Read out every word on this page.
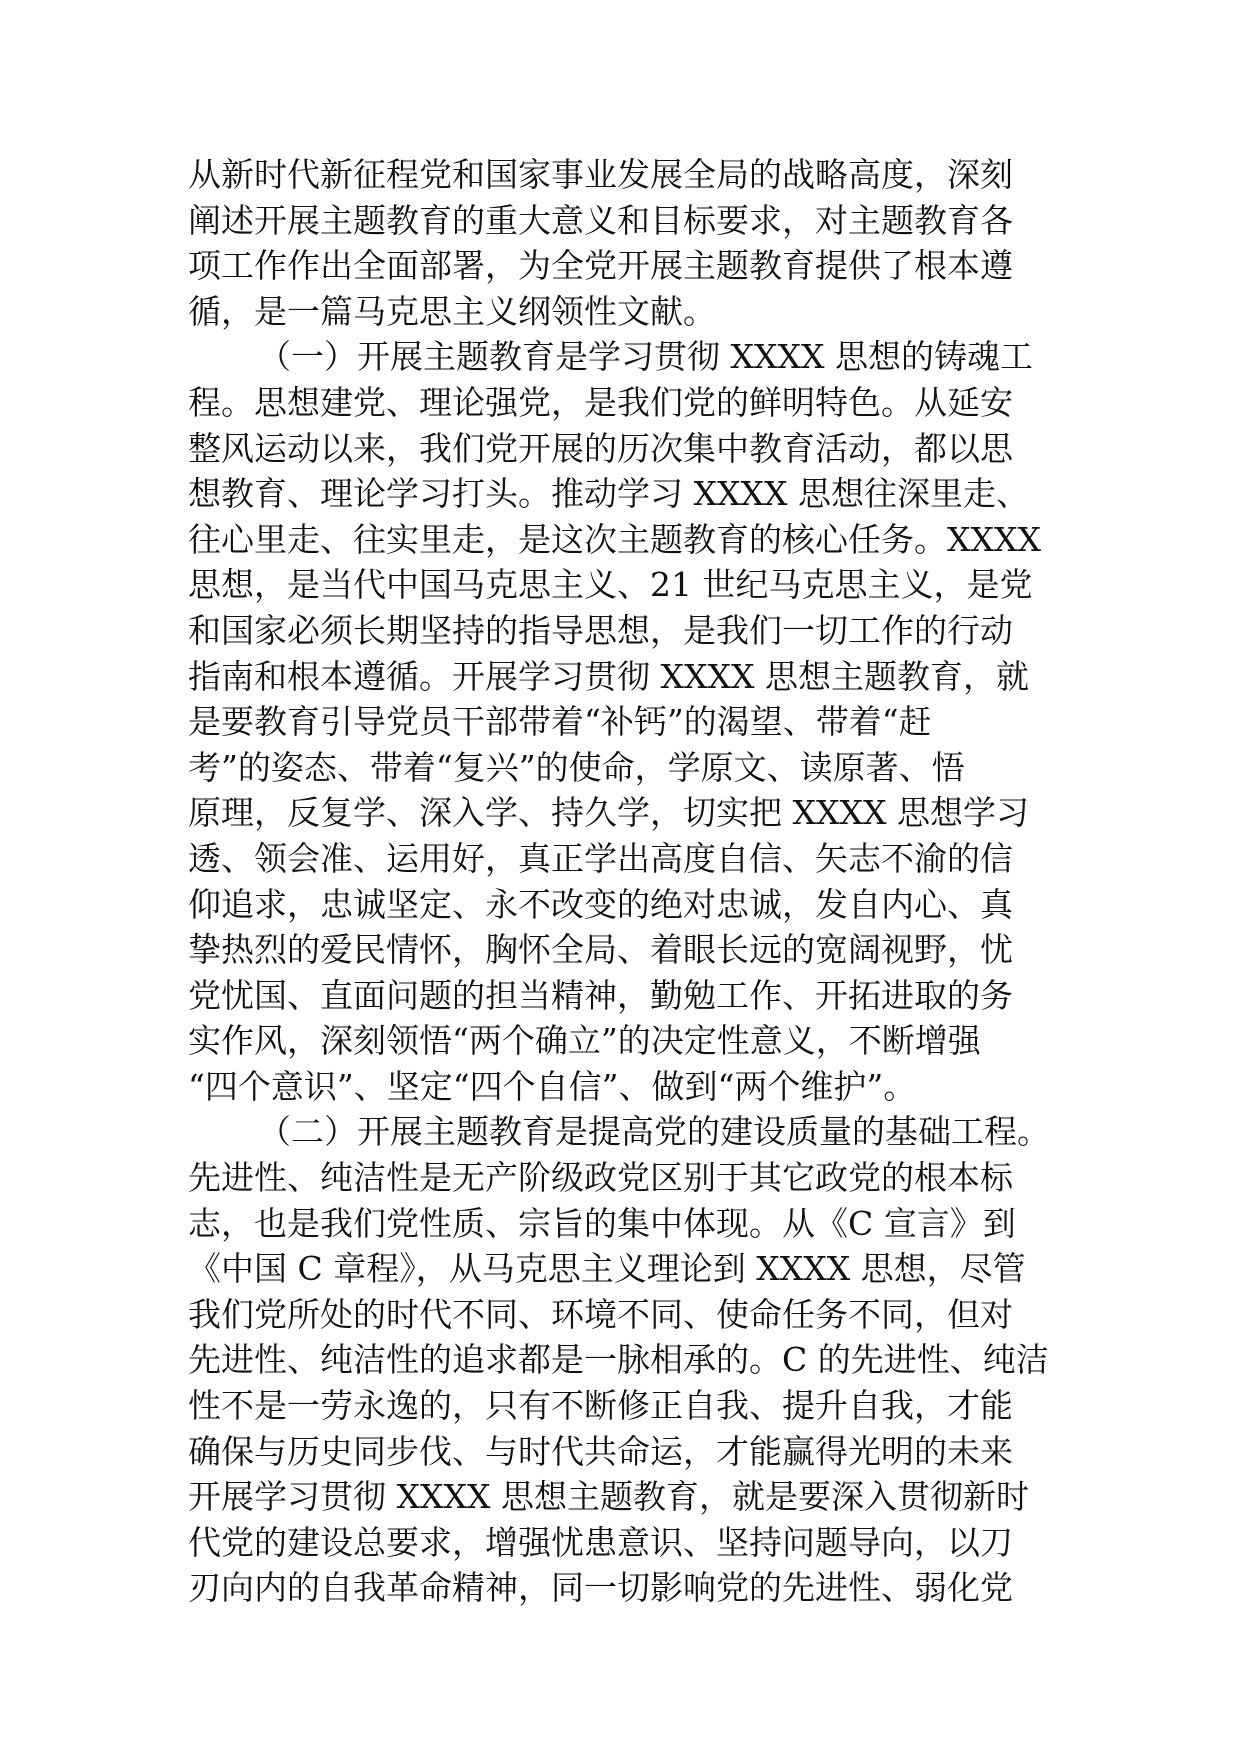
从新时代新征程党和国家事业发展全局的战略高度，深刻
阐述开展主题教育的重大意义和目标要求，对主题教育各
项工作作出全面部署，为全党开展主题教育提供了根本遵
循，是一篇马克思主义纲领性文献。
（一）开展主题教育是学习贯彻 XXXX 思想的铸魂工
程。思想建党、理论强党，是我们党的鲜明特色。从延安
整风运动以来，我们党开展的历次集中教育活动，都以思
想教育、理论学习打头。推动学习 XXXX 思想往深里走、
往心里走、往实里走，是这次主题教育的核心任务。XXXX
思想，是当代中国马克思主义、21 世纪马克思主义，是党
和国家必须长期坚持的指导思想，是我们一切工作的行动
指南和根本遵循。开展学习贯彻 XXXX 思想主题教育，就
是要教育引导党员干部带着“补钙”的渴望、带着“赶
考”的姿态、带着“复兴”的使命，学原文、读原著、悟
原理，反复学、深入学、持久学，切实把 XXXX 思想学习
透、领会准、运用好，真正学出高度自信、矢志不渝的信
仰追求，忠诚坚定、永不改变的绝对忠诚，发自内心、真
挚热烈的爱民情怀，胸怀全局、着眼长远的宽阔视野，忧
党忧国、直面问题的担当精神，勤勉工作、开拓进取的务
实作风，深刻领悟“两个确立”的决定性意义，不断增强
“四个意识”、坚定“四个自信”、做到“两个维护”。
（二）开展主题教育是提高党的建设质量的基础工程。
先进性、纯洁性是无产阶级政党区别于其它政党的根本标
志，也是我们党性质、宗旨的集中体现。从《C 宣言》到
《中国 C 章程》，从马克思主义理论到 XXXX 思想，尽管
我们党所处的时代不同、环境不同、使命任务不同，但对
先进性、纯洁性的追求都是一脉相承的。C 的先进性、纯洁
性不是一劳永逸的，只有不断修正自我、提升自我，才能
确保与历史同步伐、与时代共命运，才能赢得光明的未来
开展学习贯彻 XXXX 思想主题教育，就是要深入贯彻新时
代党的建设总要求，增强忧患意识、坚持问题导向，以刀
刃向内的自我革命精神，同一切影响党的先进性、弱化党
